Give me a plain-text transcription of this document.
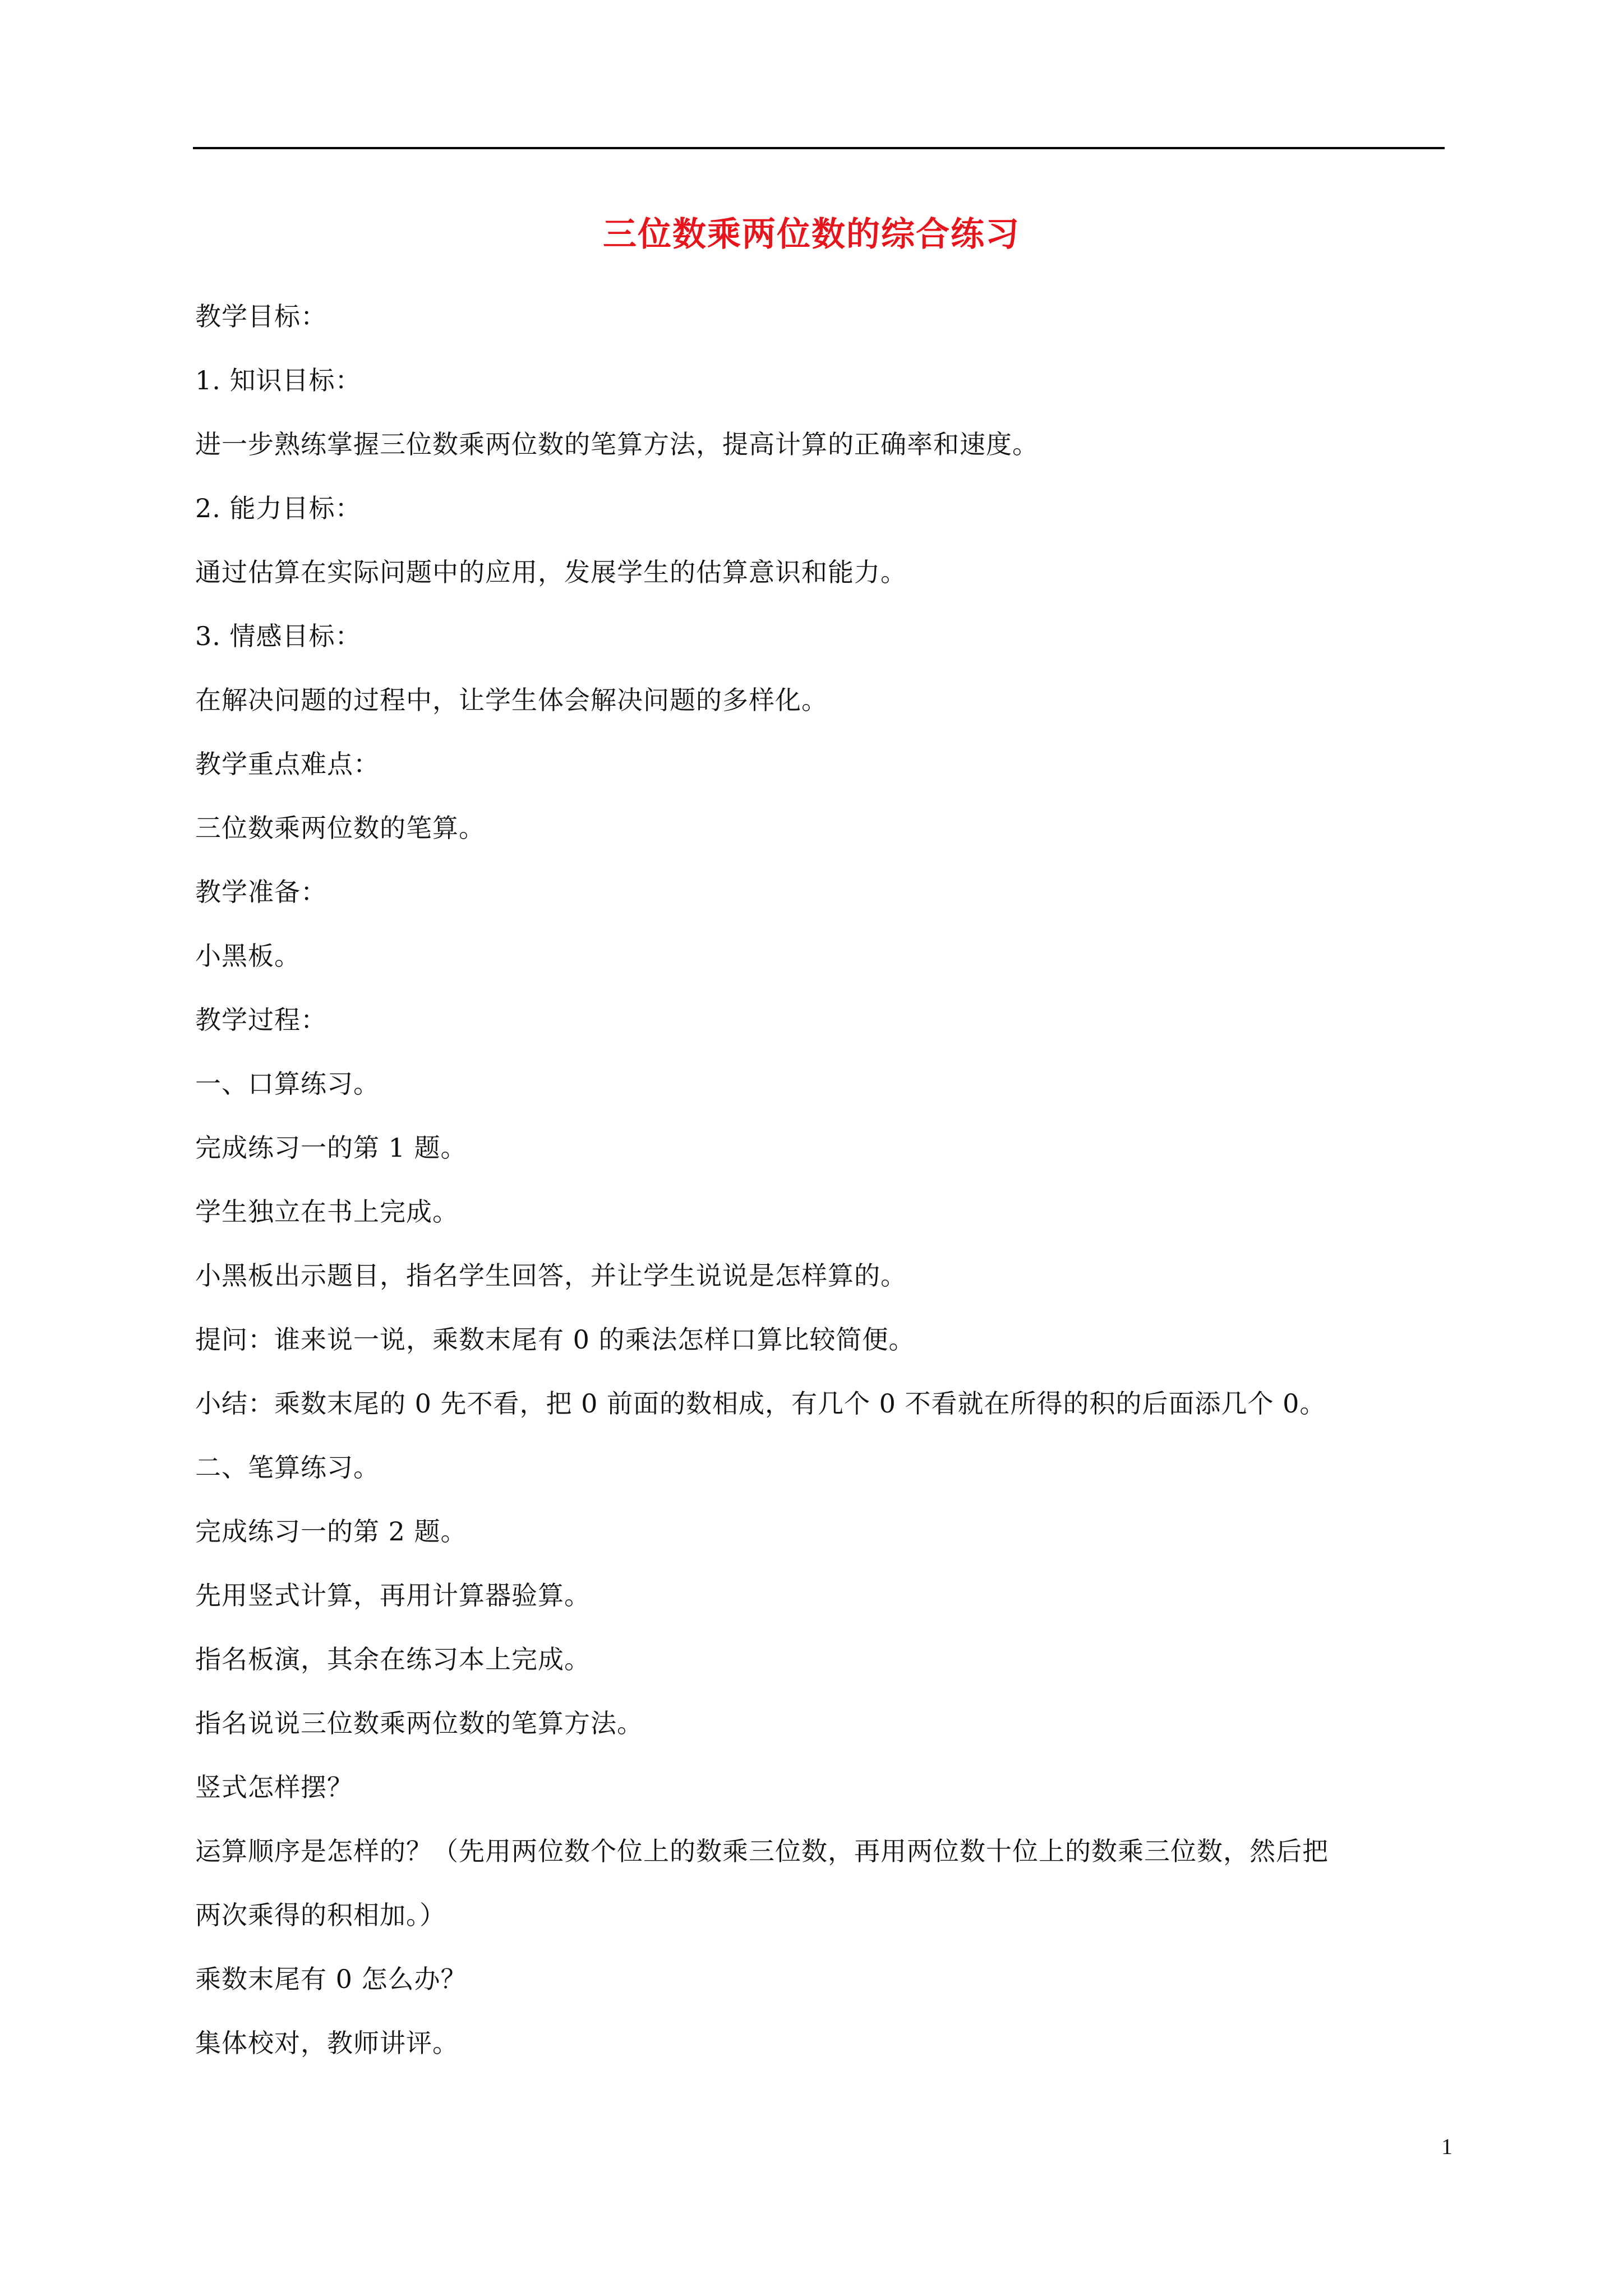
三位数乘两位数的综合练习
教学目标：
1. 知识目标：
进一步熟练掌握三位数乘两位数的笔算方法，提高计算的正确率和速度。
2. 能力目标：
通过估算在实际问题中的应用，发展学生的估算意识和能力。
3. 情感目标：
在解决问题的过程中，让学生体会解决问题的多样化。
教学重点难点：
三位数乘两位数的笔算。
教学准备：
小黑板。
教学过程：
一、口算练习。
完成练习一的第 1 题。
学生独立在书上完成。
小黑板出示题目，指名学生回答，并让学生说说是怎样算的。
提问：谁来说一说，乘数末尾有 0 的乘法怎样口算比较简便。
小结：乘数末尾的 0 先不看，把 0 前面的数相成，有几个 0 不看就在所得的积的后面添几个 0。
二、笔算练习。
完成练习一的第 2 题。
先用竖式计算，再用计算器验算。
指名板演，其余在练习本上完成。
指名说说三位数乘两位数的笔算方法。
竖式怎样摆？
运算顺序是怎样的？（先用两位数个位上的数乘三位数，再用两位数十位上的数乘三位数，然后把
两次乘得的积相加。）
乘数末尾有 0 怎么办？
集体校对，教师讲评。
1
